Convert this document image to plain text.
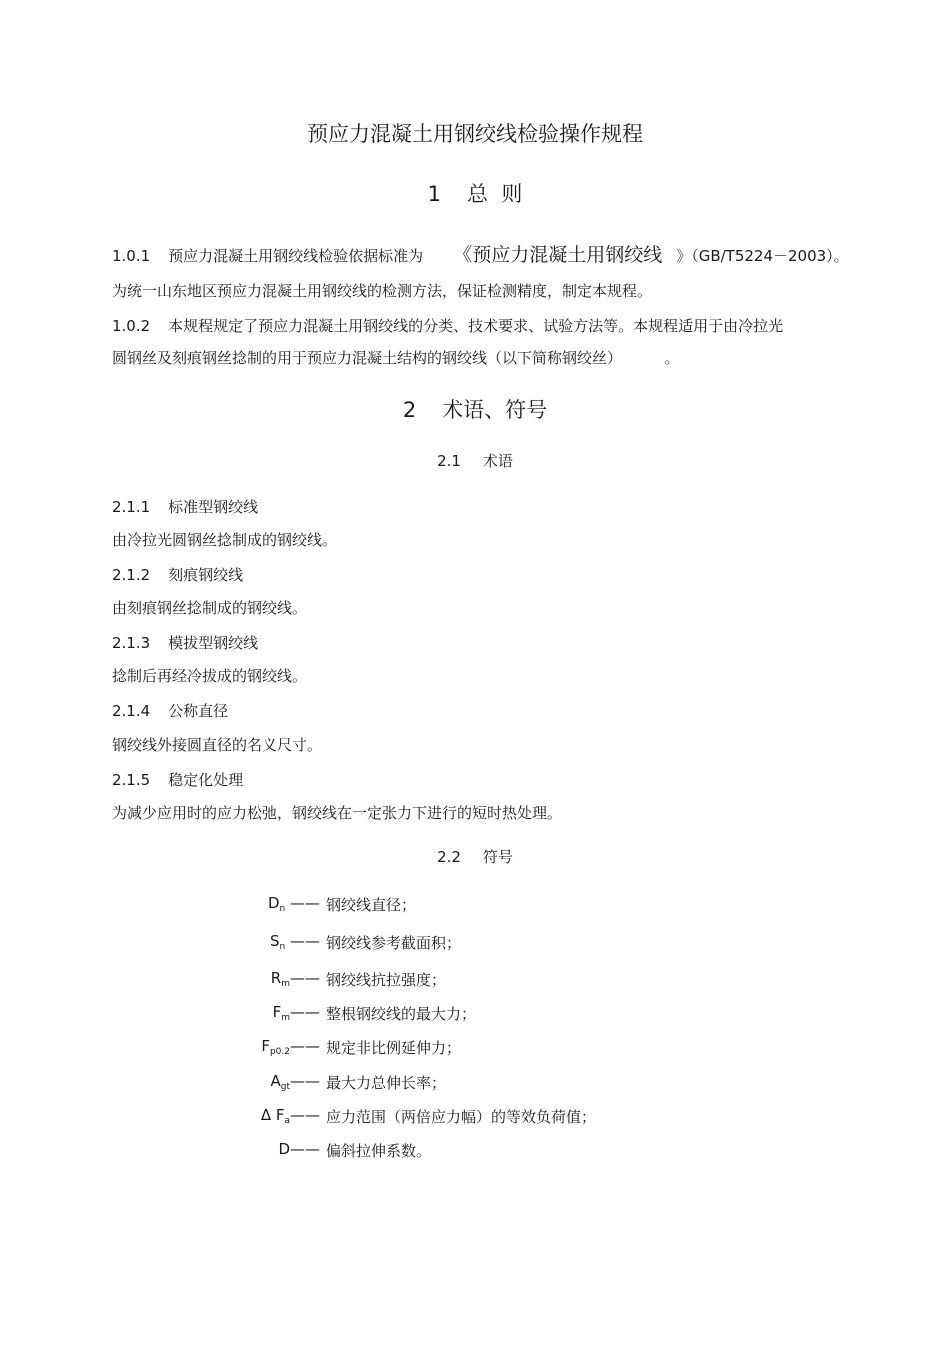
预应力混凝土用钢绞线检验操作规程
1 总  则
1.0.1 预应力混凝土用钢绞线检验依据标准为 《预应力混凝土用钢绞线 》（GB/T5224－2003）。
为统一山东地区预应力混凝土用钢绞线的检测方法，保证检测精度，制定本规程。
1.0.2 本规程规定了预应力混凝土用钢绞线的分类、技术要求、试验方法等。本规程适用于由冷拉光
圆钢丝及刻痕钢丝捻制的用于预应力混凝土结构的钢绞线（以下简称钢绞丝）	。
2 术语、符号
2.1 术语
2.1.1 标准型钢绞线
由冷拉光圆钢丝捻制成的钢绞线。
2.1.2 刻痕钢绞线
由刻痕钢丝捻制成的钢绞线。
2.1.3 模拔型钢绞线
捻制后再经冷拔成的钢绞线。
2.1.4 公称直径
钢绞线外接圆直径的名义尺寸。
2.1.5 稳定化处理
为减少应用时的应力松弛，钢绞线在一定张力下进行的短时热处理。
2.2 符号
$D_n$ —— 钢绞线直径；
$S_n$ —— 钢绞线参考截面积；
$R_m——$ 钢绞线抗拉强度；
$F_m——$ 整根钢绞线的最大力；
$F_{p0.2}——$ 规定非比例延伸力；
$A_{gt}——$ 最大力总伸长率；
Δ $F_a——$ 应力范围（两倍应力幅）的等效负荷值；
D—— 偏斜拉伸系数。
